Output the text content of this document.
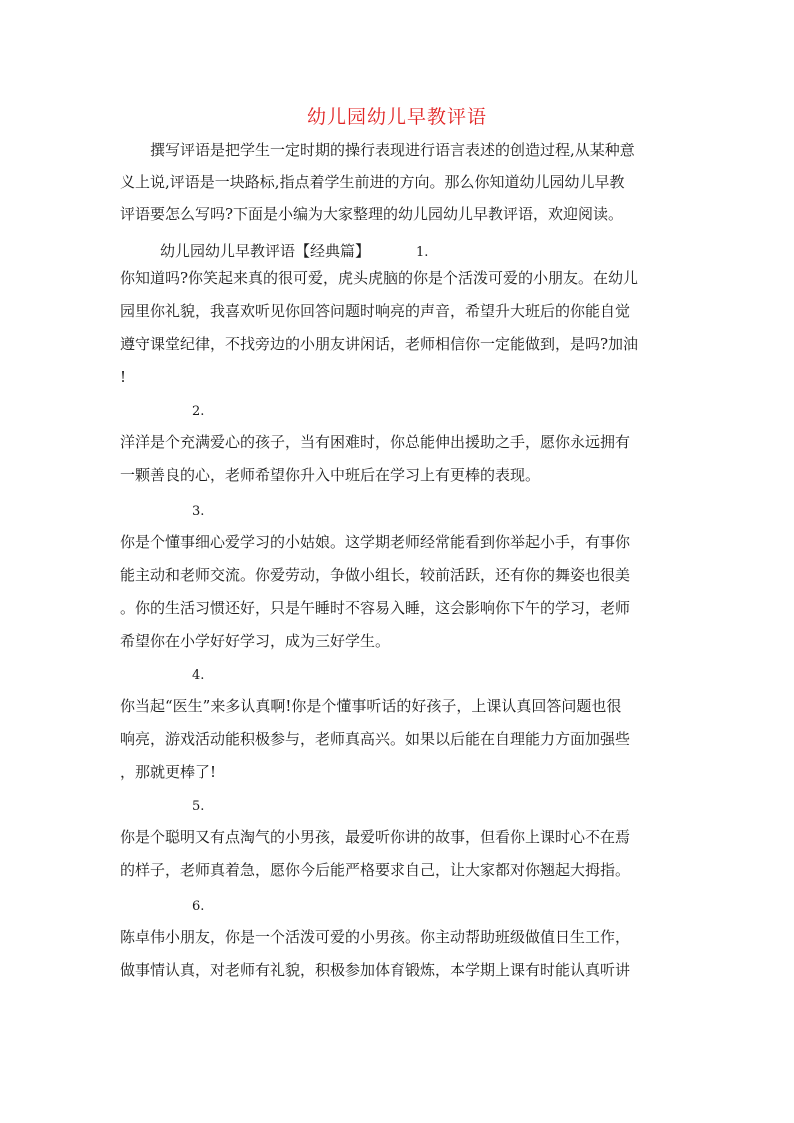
幼儿园幼儿早教评语
撰写评语是把学生一定时期的操行表现进行语言表述的创造过程,从某种意
义上说,评语是一块路标,指点着学生前进的方向。那么你知道幼儿园幼儿早教
评语要怎么写吗?下面是小编为大家整理的幼儿园幼儿早教评语，欢迎阅读。
幼儿园幼儿早教评语【经典篇】	1.
你知道吗?你笑起来真的很可爱，虎头虎脑的你是个活泼可爱的小朋友。在幼儿
园里你礼貌，我喜欢听见你回答问题时响亮的声音，希望升大班后的你能自觉
遵守课堂纪律，不找旁边的小朋友讲闲话，老师相信你一定能做到，是吗?加油
!
2.
洋洋是个充满爱心的孩子，当有困难时，你总能伸出援助之手，愿你永远拥有
一颗善良的心，老师希望你升入中班后在学习上有更棒的表现。
3.
你是个懂事细心爱学习的小姑娘。这学期老师经常能看到你举起小手，有事你
能主动和老师交流。你爱劳动，争做小组长，较前活跃，还有你的舞姿也很美
。你的生活习惯还好，只是午睡时不容易入睡，这会影响你下午的学习，老师
希望你在小学好好学习，成为三好学生。
4.
你当起“医生”来多认真啊!你是个懂事听话的好孩子，上课认真回答问题也很
响亮，游戏活动能积极参与，老师真高兴。如果以后能在自理能力方面加强些
，那就更棒了!
5.
你是个聪明又有点淘气的小男孩，最爱听你讲的故事，但看你上课时心不在焉
的样子，老师真着急，愿你今后能严格要求自己，让大家都对你翘起大拇指。
6.
陈卓伟小朋友，你是一个活泼可爱的小男孩。你主动帮助班级做值日生工作，
做事情认真，对老师有礼貌，积极参加体育锻炼，本学期上课有时能认真听讲
